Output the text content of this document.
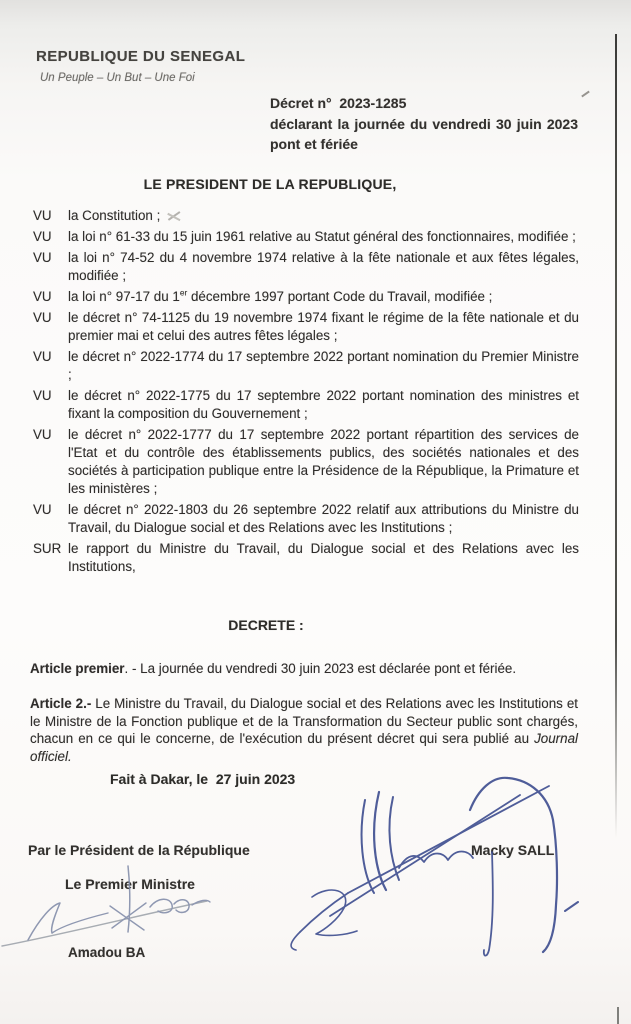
REPUBLIQUE DU SENEGAL
Un Peuple – Un But – Une Foi
Décret n°  2023-1285
déclarant la journée du vendredi 30 juin 2023 pont et fériée
LE PRESIDENT DE LA REPUBLIQUE,
VU	la Constitution ;
VU	la loi n° 61-33 du 15 juin 1961 relative au Statut général des fonctionnaires, modifiée ;
VU	la loi n° 74-52 du 4 novembre 1974 relative à la fête nationale et aux fêtes légales, modifiée ;
VU	la loi n° 97-17 du 1er décembre 1997 portant Code du Travail, modifiée ;
VU	le décret n° 74-1125 du 19 novembre 1974 fixant le régime de la fête nationale et du premier mai et celui des autres fêtes légales ;
VU	le décret n° 2022-1774 du 17 septembre 2022 portant nomination du Premier Ministre ;
VU	le décret n° 2022-1775 du 17 septembre 2022 portant nomination des ministres et fixant la composition du Gouvernement ;
VU	le décret n° 2022-1777 du 17 septembre 2022 portant répartition des services de l'Etat et du contrôle des établissements publics, des sociétés nationales et des sociétés à participation publique entre la Présidence de la République, la Primature et les ministères ;
VU	le décret n° 2022-1803 du 26 septembre 2022 relatif aux attributions du Ministre du Travail, du Dialogue social et des Relations avec les Institutions ;
SUR le rapport du Ministre du Travail, du Dialogue social et des Relations avec les Institutions,
DECRETE :

Article premier. - La journée du vendredi 30 juin 2023 est déclarée pont et fériée.

Article 2.- Le Ministre du Travail, du Dialogue social et des Relations avec les Institutions et le Ministre de la Fonction publique et de la Transformation du Secteur public sont chargés, chacun en ce qui le concerne, de l'exécution du présent décret qui sera publié au Journal officiel.

Fait à Dakar, le  27 juin 2023
Par le Président de la République
Le Premier Ministre
Amadou BA
Macky SALL
